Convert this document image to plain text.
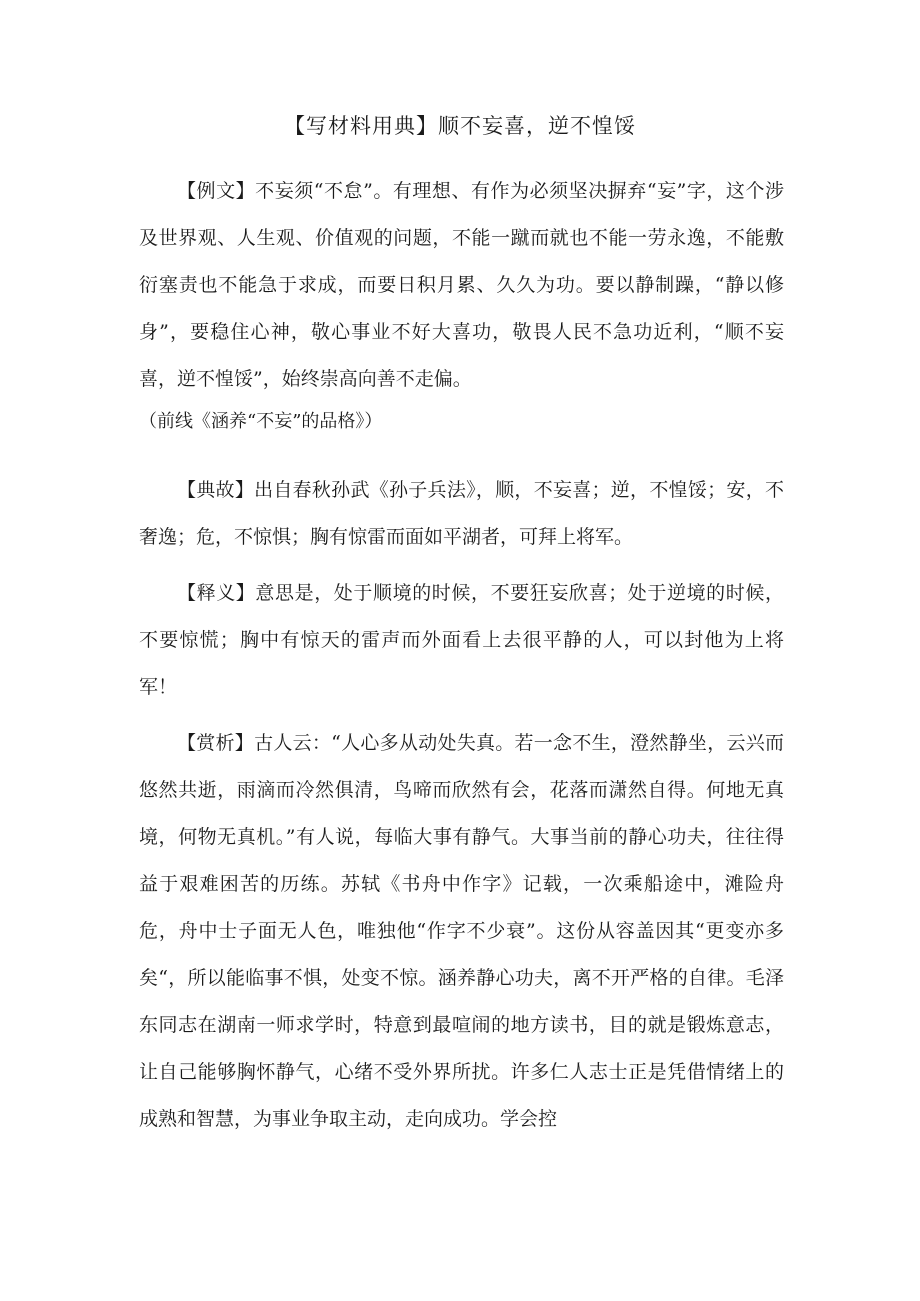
【写材料用典】顺不妄喜，逆不惶馁

【例文】不妄须“不怠”。有理想、有作为必须坚决摒弃“妄”字，这个涉及世界观、人生观、价值观的问题，不能一蹴而就也不能一劳永逸，不能敷衍塞责也不能急于求成，而要日积月累、久久为功。要以静制躁，“静以修身”，要稳住心神，敬心事业不好大喜功，敬畏人民不急功近利，“顺不妄喜，逆不惶馁”，始终崇高向善不走偏。

（前线《涵养“不妄”的品格》）

【典故】出自春秋孙武《孙子兵法》，顺，不妄喜；逆，不惶馁；安，不奢逸；危，不惊惧；胸有惊雷而面如平湖者，可拜上将军。

【释义】意思是，处于顺境的时候，不要狂妄欣喜；处于逆境的时候，不要惊慌；胸中有惊天的雷声而外面看上去很平静的人，可以封他为上将军！

【赏析】古人云：“人心多从动处失真。若一念不生，澄然静坐，云兴而悠然共逝，雨滴而冷然俱清，鸟啼而欣然有会，花落而潇然自得。何地无真境，何物无真机。”有人说，每临大事有静气。大事当前的静心功夫，往往得益于艰难困苦的历练。苏轼《书舟中作字》记载，一次乘船途中，滩险舟危，舟中士子面无人色，唯独他“作字不少衰”。这份从容盖因其“更变亦多矣“，所以能临事不惧，处变不惊。涵养静心功夫，离不开严格的自律。毛泽东同志在湖南一师求学时，特意到最喧闹的地方读书，目的就是锻炼意志，让自己能够胸怀静气，心绪不受外界所扰。许多仁人志士正是凭借情绪上的成熟和智慧，为事业争取主动，走向成功。学会控
